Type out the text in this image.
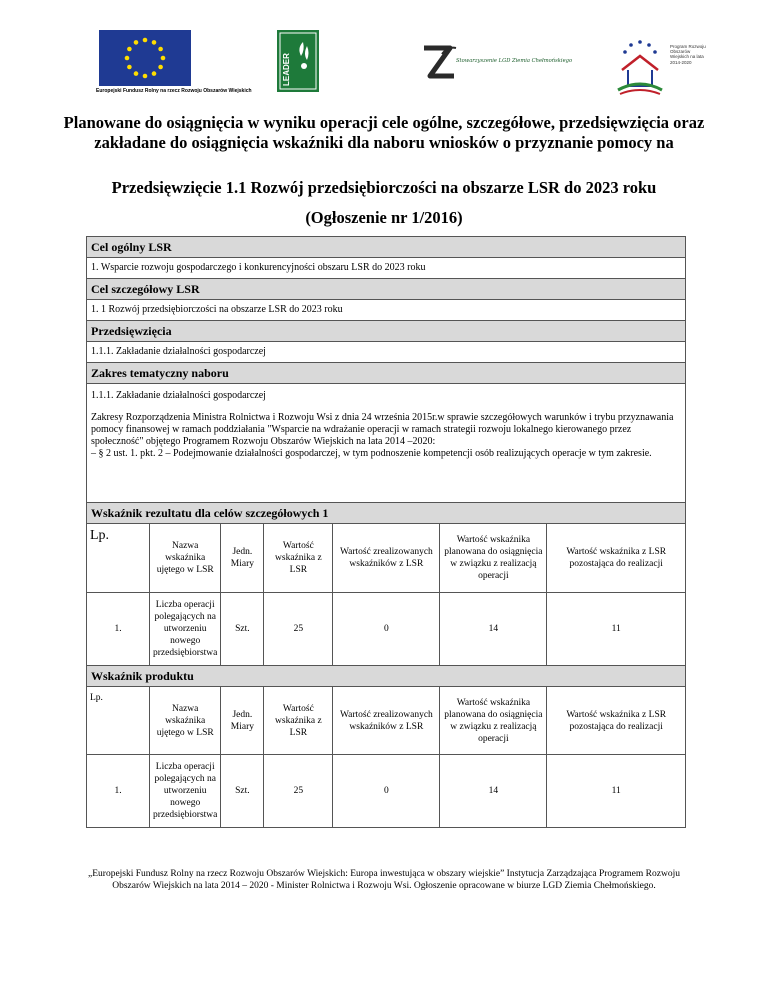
Europejski Fundusz Rolny na rzecz Rozwoju Obszarów Wiejskich
LEADER	Stowarzyszenie LGD Ziemia Chełmońskiego
Program Rozwoju Obszarów Wiejskich na lata 2014-2020
Planowane do osiągnięcia w wyniku operacji cele ogólne, szczegółowe, przedsięwzięcia oraz zakładane do osiągnięcia wskaźniki dla naboru wniosków o przyznanie pomocy na
Przedsięwzięcie 1.1 Rozwój przedsiębiorczości na obszarze LSR do 2023 roku
(Ogłoszenie nr 1/2016)
Cel ogólny LSR
1. Wsparcie rozwoju gospodarczego i konkurencyjności obszaru LSR do 2023 roku
Cel szczegółowy LSR
1. 1 Rozwój przedsiębiorczości na obszarze LSR do 2023 roku
Przedsięwzięcia
1.1.1. Zakładanie działalności gospodarczej
Zakres tematyczny naboru

1.1.1. Zakładanie działalności gospodarczej

Zakresy Rozporządzenia Ministra Rolnictwa i Rozwoju Wsi z dnia 24 września 2015r.w sprawie szczegółowych warunków i trybu przyznawania pomocy finansowej w ramach poddziałania "Wsparcie na wdrażanie operacji w ramach strategii rozwoju lokalnego kierowanego przez społeczność" objętego Programem Rozwoju Obszarów Wiejskich na lata 2014 –2020:

– § 2 ust. 1. pkt. 2 – Podejmowanie działalności gospodarczej, w tym podnoszenie kompetencji osób realizujących operacje w tym zakresie.

Wskaźnik rezultatu dla celów szczegółowych 1
Lp.	Nazwa wskaźnika ujętego w LSR	Jedn. Miary	Wartość wskaźnika z LSR	Wartość zrealizowanych wskaźników z LSR	Wartość wskaźnika planowana do osiągnięcia w związku z realizacją operacji	Wartość wskaźnika z LSR pozostająca do realizacji
1.	Liczba operacji polegających na utworzeniu nowego przedsiębiorstwa	Szt.	25	0	14	11
Wskaźnik produktu
Lp.	Nazwa wskaźnika ujętego w LSR	Jedn. Miary	Wartość wskaźnika z LSR	Wartość zrealizowanych wskaźników z LSR	Wartość wskaźnika planowana do osiągnięcia w związku z realizacją operacji	Wartość wskaźnika z LSR pozostająca do realizacji
1.	Liczba operacji polegających na utworzeniu nowego przedsiębiorstwa	Szt.	25	0	14	11
„Europejski Fundusz Rolny na rzecz Rozwoju Obszarów Wiejskich: Europa inwestująca w obszary wiejskie” Instytucja Zarządzająca Programem Rozwoju Obszarów Wiejskich na lata 2014 – 2020 - Minister Rolnictwa i Rozwoju Wsi. Ogłoszenie opracowane w biurze LGD Ziemia Chełmońskiego.
